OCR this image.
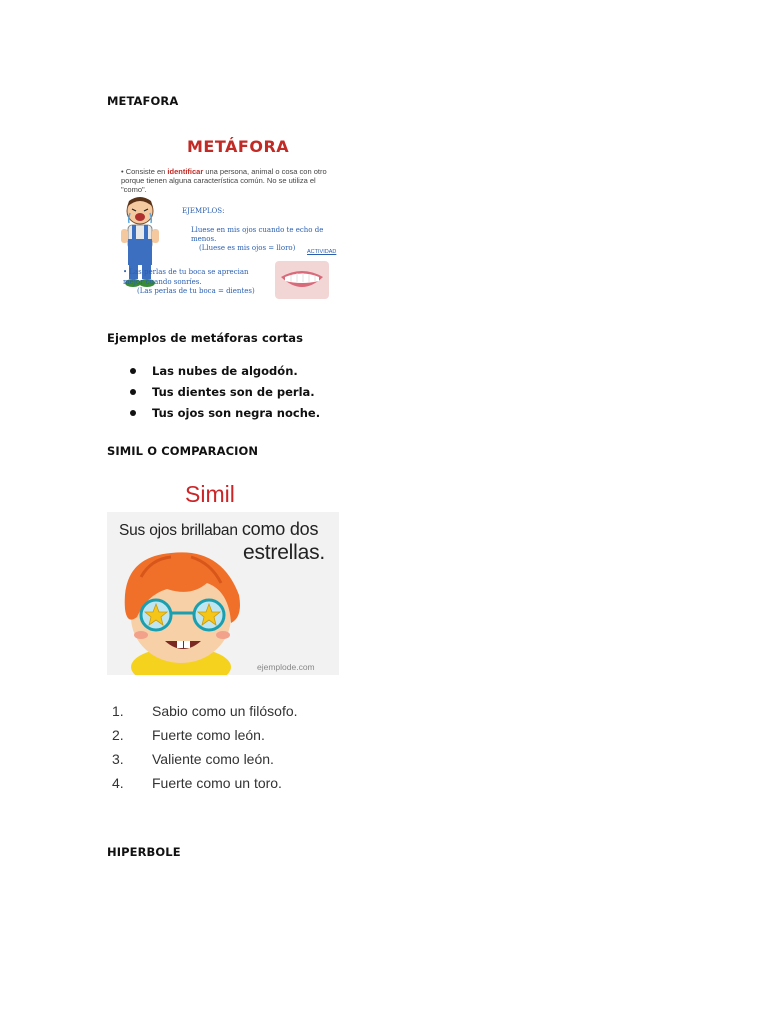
METAFORA
METÁFORA
• Consiste en identificar una persona, animal o cosa con otro porque tienen alguna característica común. No se utiliza el "como".
EJEMPLOS:
Lluese en mis ojos cuando te echo de menos.
(Lluese es mis ojos = lloro)	ACTIVIDAD
• Las perlas de tu boca se aprecian
mejor cuando sonríes.
(Las perlas de tu boca = dientes)
Ejemplos de metáforas cortas
Las nubes de algodón.
Tus dientes son de perla.
Tus ojos son negra noche.
SIMIL O COMPARACION
Simil
Sus ojos brillaban como dos
estrellas.
ejemplode.com
1. Sabio como un filósofo.
2. Fuerte como león.
3. Valiente como león.
4. Fuerte como un toro.
HIPERBOLE
